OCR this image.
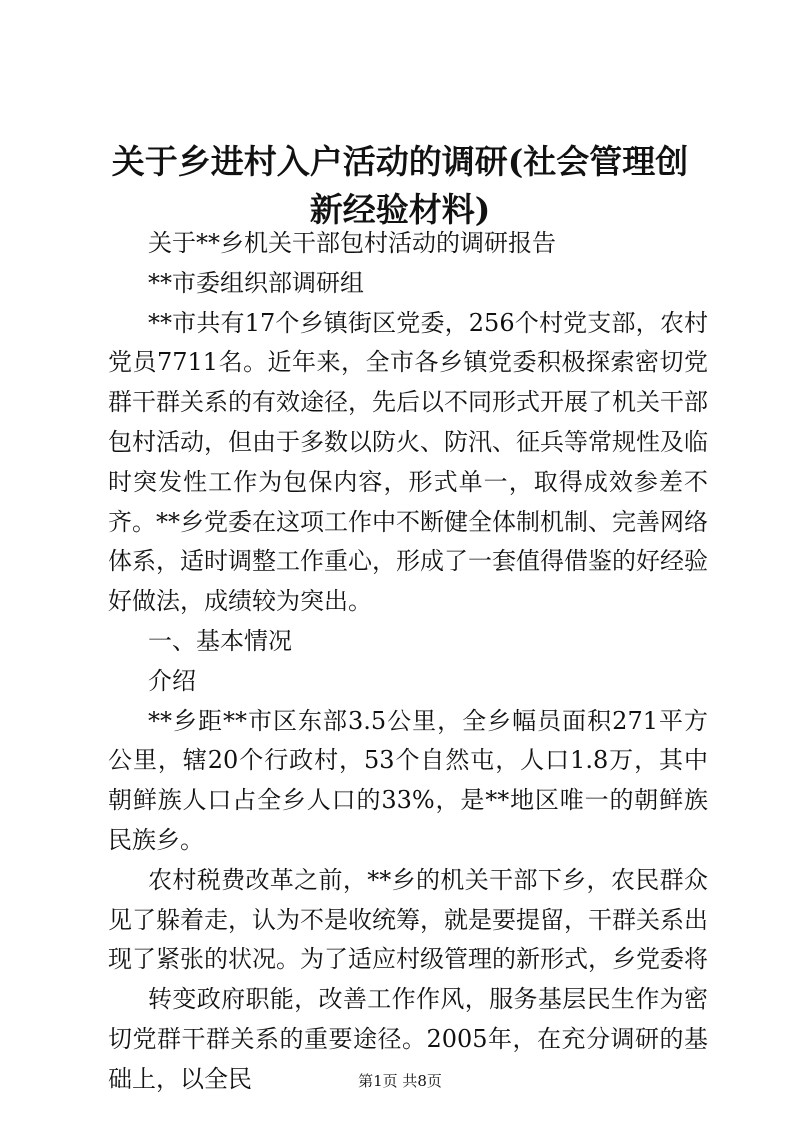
关于乡进村入户活动的调研(社会管理创新经验材料)

关于**乡机关干部包村活动的调研报告

**市委组织部调研组

**市共有17个乡镇街区党委，256个村党支部，农村党员7711名。近年来，全市各乡镇党委积极探索密切党群干群关系的有效途径，先后以不同形式开展了机关干部包村活动，但由于多数以防火、防汛、征兵等常规性及临时突发性工作为包保内容，形式单一，取得成效参差不齐。**乡党委在这项工作中不断健全体制机制、完善网络体系，适时调整工作重心，形成了一套值得借鉴的好经验好做法，成绩较为突出。

一、基本情况

介绍

**乡距**市区东部3.5公里，全乡幅员面积271平方公里，辖20个行政村，53个自然屯，人口1.8万，其中朝鲜族人口占全乡人口的33%，是**地区唯一的朝鲜族民族乡。

农村税费改革之前，**乡的机关干部下乡，农民群众见了躲着走，认为不是收统筹，就是要提留，干群关系出现了紧张的状况。为了适应村级管理的新形式，乡党委将

转变政府职能，改善工作作风，服务基层民生作为密切党群干群关系的重要途径。2005年，在充分调研的基础上，以全民	第1页 共8页
